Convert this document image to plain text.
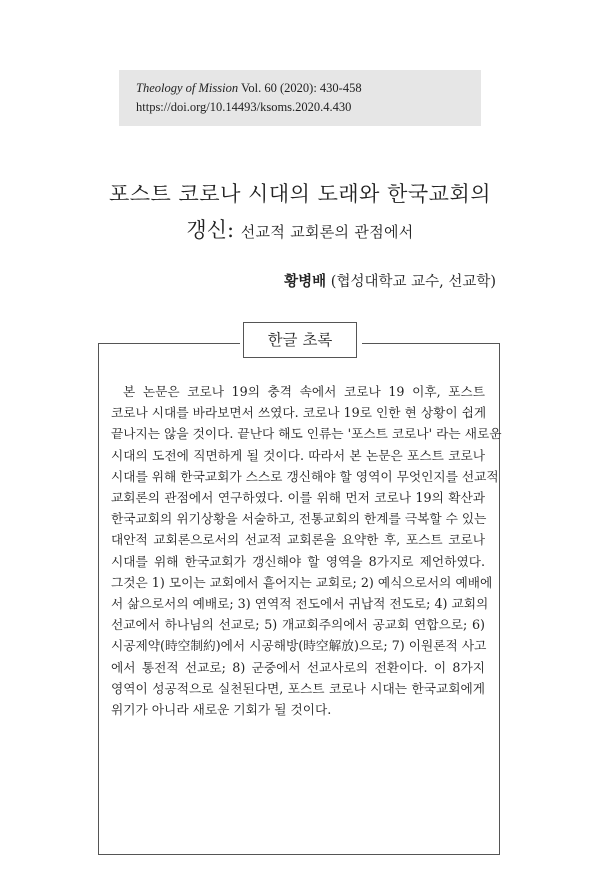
Theology of Mission Vol. 60 (2020): 430-458
https://doi.org/10.14493/ksoms.2020.4.430
포스트 코로나 시대의 도래와 한국교회의
갱신: 선교적 교회론의 관점에서
황병배 (협성대학교 교수, 선교학)
한글 초록
본 논문은 코로나 19의 충격 속에서 코로나 19 이후, 포스트
코로나 시대를 바라보면서 쓰였다. 코로나 19로 인한 현 상황이 쉽게
끝나지는 않을 것이다. 끝난다 해도 인류는 '포스트 코로나' 라는 새로운
시대의 도전에 직면하게 될 것이다. 따라서 본 논문은 포스트 코로나
시대를 위해 한국교회가 스스로 갱신해야 할 영역이 무엇인지를 선교적
교회론의 관점에서 연구하였다. 이를 위해 먼저 코로나 19의 확산과
한국교회의 위기상황을 서술하고, 전통교회의 한계를 극복할 수 있는
대안적 교회론으로서의 선교적 교회론을 요약한 후, 포스트 코로나
시대를 위해 한국교회가 갱신해야 할 영역을 8가지로 제언하였다.
그것은 1) 모이는 교회에서 흩어지는 교회로; 2) 예식으로서의 예배에
서 삶으로서의 예배로; 3) 연역적 전도에서 귀납적 전도로; 4) 교회의
선교에서 하나님의 선교로; 5) 개교회주의에서 공교회 연합으로; 6)
시공제약(時空制約)에서 시공해방(時空解放)으로; 7) 이원론적 사고
에서 통전적 선교로; 8) 군중에서 선교사로의 전환이다. 이 8가지
영역이 성공적으로 실천된다면, 포스트 코로나 시대는 한국교회에게
위기가 아니라 새로운 기회가 될 것이다.
